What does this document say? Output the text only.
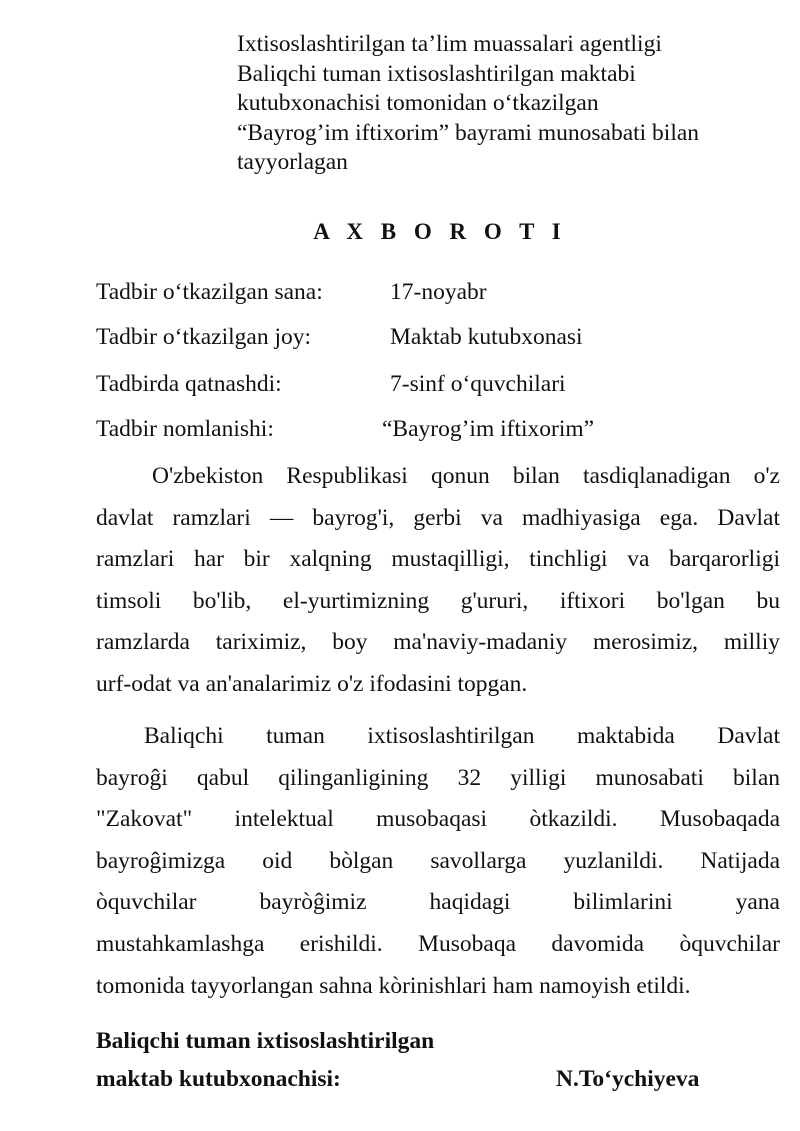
Ixtisoslashtirilgan ta’lim muassalari agentligi
Baliqchi tuman ixtisoslashtirilgan maktabi
kutubxonachisi tomonidan o‘tkazilgan
“Bayrog’im iftixorim” bayrami munosabati bilan
tayyorlagan
A X B O R O T I
Tadbir o‘tkazilgan sana:	17-noyabr
Tadbir o‘tkazilgan joy:	Maktab kutubxonasi
Tadbirda qatnashdi:	7-sinf o‘quvchilari
Tadbir nomlanishi:	“Bayrog’im iftixorim”
O'zbekiston Respublikasi qonun bilan tasdiqlanadigan o'z
davlat ramzlari — bayrog'i, gerbi va madhiyasiga ega. Davlat
ramzlari har bir xalqning mustaqilligi, tinchligi va barqarorligi
timsoli bo'lib, el-yurtimizning g'ururi, iftixori bo'lgan bu
ramzlarda tariximiz, boy ma'naviy-madaniy merosimiz, milliy
urf-odat va an'analarimiz o'z ifodasini topgan.
Baliqchi tuman ixtisoslashtirilgan maktabida Davlat
bayroĝi qabul qilinganligining 32 yilligi munosabati bilan
"Zakovat" intelektual musobaqasi òtkazildi. Musobaqada
bayroĝimizga oid bòlgan savollarga yuzlanildi. Natijada
òquvchilar bayròĝimiz haqidagi bilimlarini yana
mustahkamlashga erishildi. Musobaqa davomida òquvchilar
tomonida tayyorlangan sahna kòrinishlari ham namoyish etildi.
Baliqchi tuman ixtisoslashtirilgan
maktab kutubxonachisi:	N.To‘ychiyeva
